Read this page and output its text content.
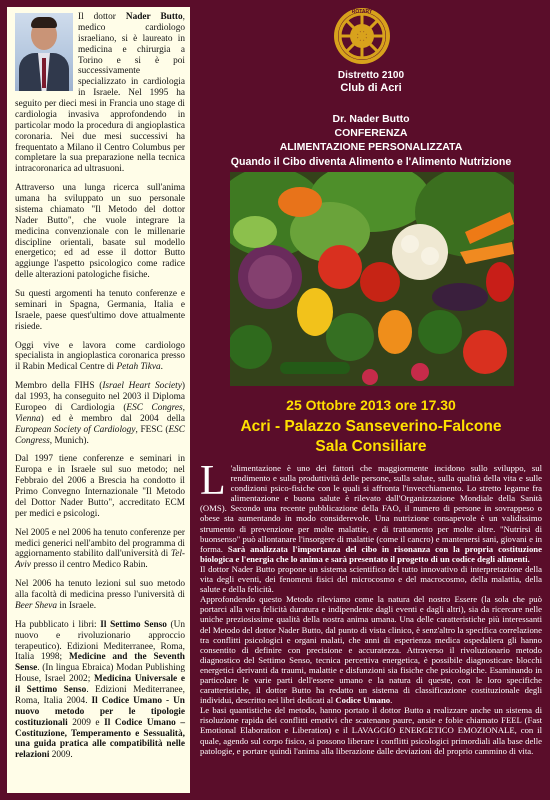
Il dottor Nader Butto, medico cardiologo israeliano, si è laureato in medicina e chirurgia a Torino e si è poi successivamente specializzato in cardiologia in Israele. Nel 1995 ha seguito per dieci mesi in Francia uno stage di cardiologia invasiva approfondendo in particolar modo la procedura di angioplastica coronaria. Nei due mesi successivi ha frequentato a Milano il Centro Columbus per completare la sua preparazione nella tecnica intracoronarica ad ultrasuoni.

Attraverso una lunga ricerca sull'anima umana ha sviluppato un suo personale sistema chiamato "Il Metodo del dottor Nader Butto", che vuole integrare la medicina convenzionale con le millenarie discipline orientali, basate sul modello energetico; ed ad esse il dottor Butto aggiunge l'aspetto psicologico come radice delle alterazioni patologiche fisiche.

Su questi argomenti ha tenuto conferenze e seminari in Spagna, Germania, Italia e Israele, paese quest'ultimo dove attualmente risiede.

Oggi vive e lavora come cardiologo specialista in angioplastica coronarica presso il Rabin Medical Centre di Petah Tikva.

Membro della FIHS (Israel Heart Society) dal 1993, ha conseguito nel 2003 il Diploma Europeo di Cardiologia (ESC Congres, Vienna) ed è membro dal 2004 della European Society of Cardiology, FESC (ESC Congress, Munich).

Dal 1997 tiene conferenze e seminari in Europa e in Israele sul suo metodo; nel Febbraio del 2006 a Brescia ha condotto il Primo Convegno Internazionale "Il Metodo del Dottor Nader Butto", accreditato ECM per medici e psicologi.

Nel 2005 e nel 2006 ha tenuto conferenze per medici generici nell'ambito del programma di aggiornamento stabilito dall'università di Tel-Aviv presso il centro Medico Rabin.

Nel 2006 ha tenuto lezioni sul suo metodo alla facoltà di medicina presso l'università di Beer Sheva in Israele.

Ha pubblicato i libri: Il Settimo Senso (Un nuovo e rivoluzionario approccio terapeutico). Edizioni Mediterranee, Roma, Italia 1998; Medicine and the Seventh Sense. (In lingua Ebraica) Modan Publishing House, Israel 2002; Medicina Universale e il Settimo Senso. Edizioni Mediterranee, Roma, Italia 2004. Il Codice Umano - Un nuovo metodo per le tipologie costituzionali 2009 e Il Codice Umano –Costituzione, Temperamento e Sessualità, una guida pratica alle compatibilità nelle relazioni 2009.

ROTARY
Distretto 2100
Club di Acri
Dr. Nader Butto
CONFERENZA
ALIMENTAZIONE PERSONALIZZATA
Quando il Cibo diventa Alimento e l'Alimento Nutrizione
25 Ottobre 2013 ore 17.30
Acri - Palazzo Sanseverino-Falcone
Sala Consiliare

L 'alimentazione è uno dei fattori che maggiormente incidono sullo sviluppo, sul rendimento e sulla produttività delle persone, sulla salute, sulla qualità della vita e sulle condizioni psico-fisiche con le quali si affronta l'invecchiamento. Lo stretto legame fra alimentazione e buona salute è rilevato dall'Organizzazione Mondiale della Sanità (OMS). Secondo una recente pubblicazione della FAO, il numero di persone in sovrappeso o obese sta aumentando in modo considerevole. Una nutrizione consapevole è un validissimo strumento di prevenzione per molte malattie, e di trattamento per molte altre. "Nutrirsi di buonsenso" può allontanare l'insorgere di malattie (come il cancro) e mantenersi sani, giovani e in forma. Sarà analizzata l'importanza del cibo in risonanza con la propria costituzione biologica e l'energia che lo anima e sarà presentato il progetto di un codice degli alimenti.

Il dottor Nader Butto propone un sistema scientifico del tutto innovativo di interpretazione della vita degli eventi, dei fenomeni fisici del microcosmo e del macrocosmo, della malattia, della salute e della felicità.

Approfondendo questo Metodo rileviamo come la natura del nostro Essere (la sola che può portarci alla vera felicità duratura e indipendente dagli eventi e dagli altri), sia da ricercare nelle uniche preziosissime qualità della nostra anima umana. Una delle caratteristiche più interessanti del Metodo del dottor Nader Butto, dal punto di vista clinico, è senz'altro la specifica correlazione tra conflitti psicologici e organi malati, che anni di esperienza medica ospedaliera gli hanno consentito di definire con precisione e accuratezza. Attraverso il rivoluzionario metodo diagnostico del Settimo Senso, tecnica percettiva energetica, è possibile diagnosticare blocchi energetici derivanti da traumi, malattie e disfunzioni sia fisiche che psicologiche. Esaminando in particolare le varie parti dell'essere umano e la natura di queste, con le loro specifiche caratteristiche, il dottor Butto ha redatto un sistema di classificazione costituzionale degli individui, descritto nei libri dedicati al Codice Umano.

Le basi quantistiche del metodo, hanno portato il dottor Butto a realizzare anche un sistema di risoluzione rapida dei conflitti emotivi che scatenano paure, ansie e fobie chiamato FEEL (Fast Emotional Elaboration e Liberation) e il LAVAGGIO ENERGETICO EMOZIONALE, con il quale, agendo sul corpo fisico, si possono liberare i conflitti psicologici primordiali alla base delle patologie, e portare quindi l'anima alla liberazione dalle deviazioni del proprio cammino di vita.
